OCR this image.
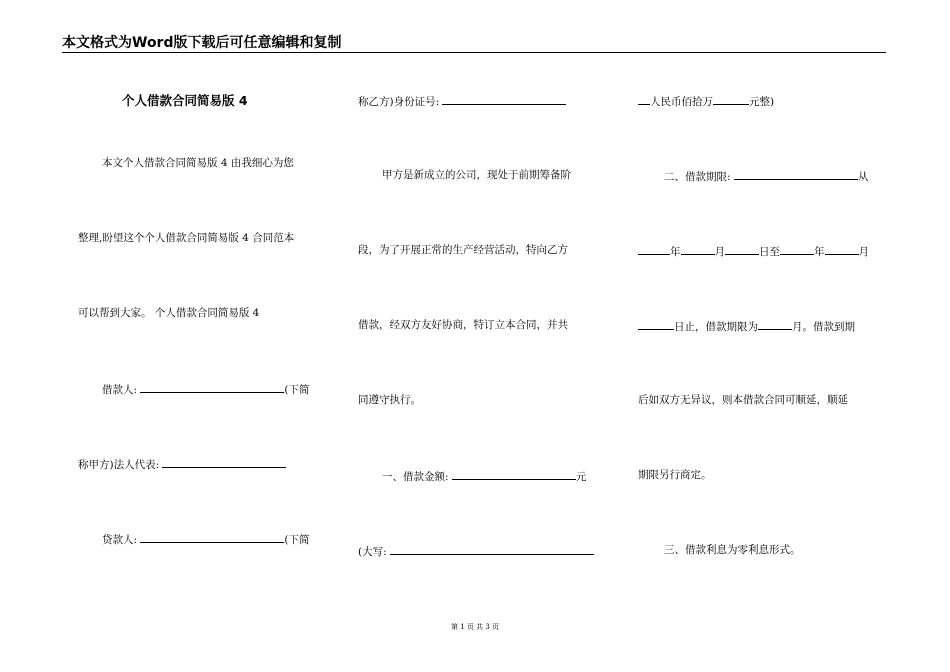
本文格式为Word版下载后可任意编辑和复制
个人借款合同简易版 4
本文个人借款合同简易版 4 由我细心为您
整理,盼望这个个人借款合同简易版 4 合同范本
可以帮到大家。 个人借款合同简易版 4
借款人:	(下简
称甲方)法人代表:
贷款人:	(下简
称乙方)身份证号:
甲方是新成立的公司，现处于前期筹备阶
段，为了开展正常的生产经营活动，特向乙方
借款，经双方友好协商，特订立本合同，并共
同遵守执行。
一、借款金额:	元
(大写:
人民币佰拾万	元整)
二、借款期限:	从
年	月	日至	年	月
日止，借款期限为	月。借款到期
后如双方无异议，则本借款合同可顺延，顺延
期限另行商定。
三、借款利息为零利息形式。
第 1 页 共 3 页
